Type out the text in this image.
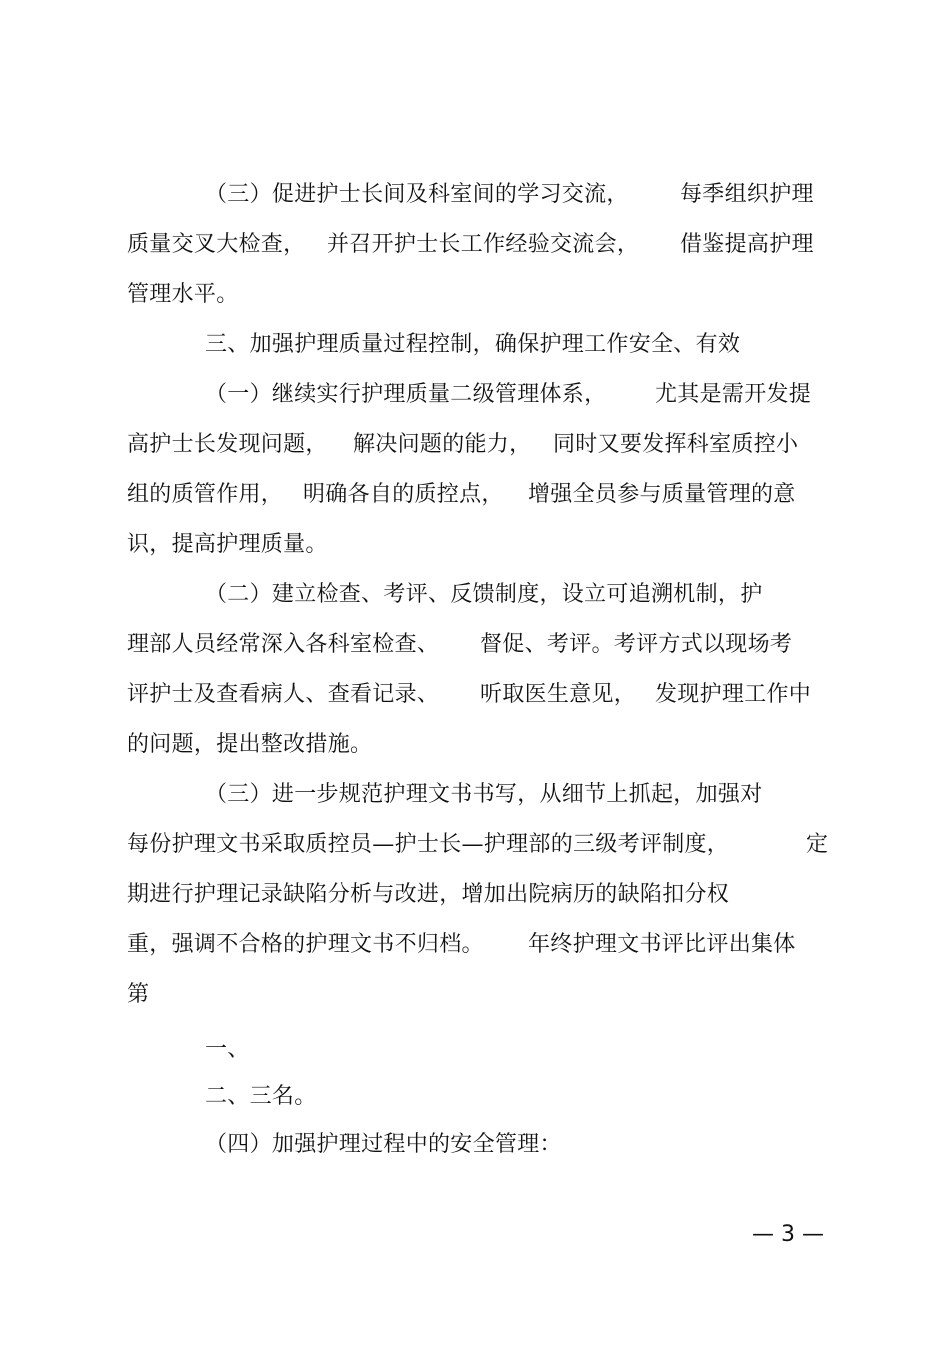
（三）促进护士长间及科室间的学习交流， 每季组织护理
质量交叉大检查， 并召开护士长工作经验交流会， 借鉴提高护理
管理水平。
三、加强护理质量过程控制，确保护理工作安全、有效
（一）继续实行护理质量二级管理体系， 尤其是需开发提
高护士长发现问题， 解决问题的能力， 同时又要发挥科室质控小
组的质管作用， 明确各自的质控点， 增强全员参与质量管理的意
识，提高护理质量。
（二）建立检查、考评、反馈制度，设立可追溯机制，护
理部人员经常深入各科室检查、 督促、考评。考评方式以现场考
评护士及查看病人、查看记录、 听取医生意见， 发现护理工作中
的问题，提出整改措施。
（三）进一步规范护理文书书写，从细节上抓起，加强对
每份护理文书采取质控员—护士长—护理部的三级考评制度，	定
期进行护理记录缺陷分析与改进，增加出院病历的缺陷扣分权
重，强调不合格的护理文书不归档。 年终护理文书评比评出集体
第
一、
二、三名。
（四）加强护理过程中的安全管理：
— 3 —
